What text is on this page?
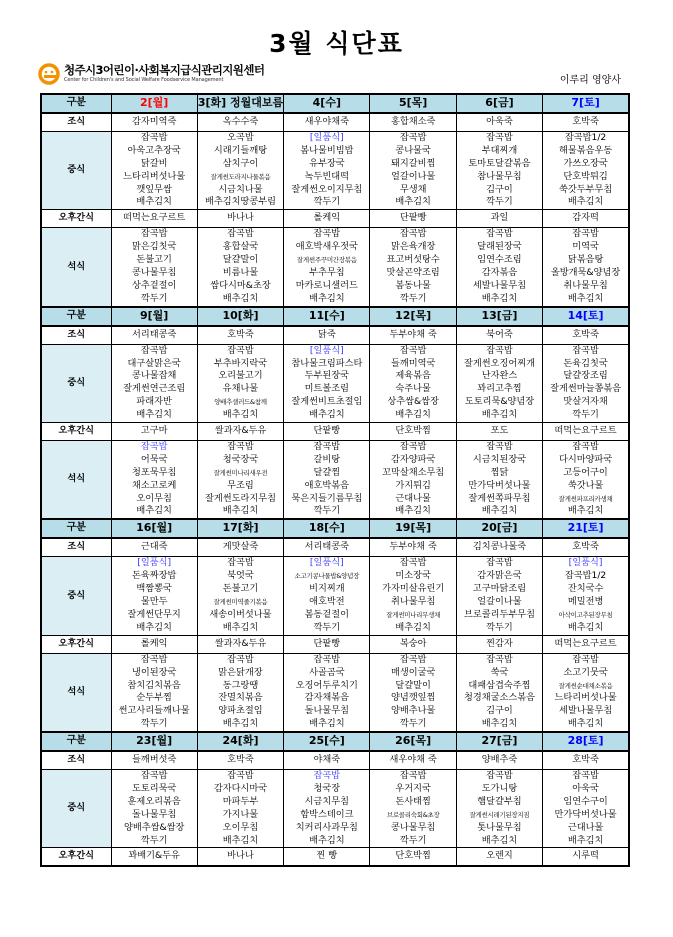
3월 식단표
청주시3어린이·사회복지급식관리지원센터
Center for Children's and Social Welfare Foodservice Management	이루리 영양사
구분	2[월]	3[화] 정월대보름	4[수]	5[목]	6[금]	7[토]
조식	감자미역죽	옥수수죽	새우야채죽	홍합채소죽	아욱죽	호박죽
중식	
잡곡밥
아욱고추장국
닭갈비
느타리버섯나물
깻잎무쌈
배추김치

오곡밥
시래기들깨탕
삼치구이
잘게썬도라지나물볶음
시금치나물
배추김치땅콩부림

[일품식]
봄나물비빔밥
유부장국
녹두빈대떡
잘게썬오이지무침
깍두기

잡곡밥
콩나물국
돼지갈비찜
얼갈이나물
무생채
배추김치

잡곡밥
부대찌개
토마토달걀볶음
참나물무침
김구이
깍두기

잡곡밥1/2
해물볶음우동
가쓰오장국
단호박튀김
쑥갓두부무침
배추김치

오후간식	떠먹는요구르트	바나나	롤케익	단팥빵	과일	감자떡
석식	
잡곡밥
맑은김칫국
돈불고기
콩나물무침
상추겉절이
깍두기

잡곡밥
홍합살국
달걀말이
비름나물
쌈다시마&초장
배추김치

잡곡밥
애호박새우젓국
잘게썬주꾸미간장볶음
부추무침
마카로니샐러드
배추김치

잡곡밥
맑은육개장
표고버섯탕수
맛살곤약조림
봄동나물
깍두기

잡곡밥
달래된장국
임연수조림
감자볶음
세발나물무침
배추김치

잡곡밥
미역국
닭볶음탕
올방개묵&양념장
취나물무침
배추김치

구분	9[월]	10[화]	11[수]	12[목]	13[금]	14[토]
조식	서리태콩죽	호박죽	닭죽	두부야채 죽	북어죽	호박죽
중식	
잡곡밥
대구살맑은국
콩나물잡채
잘게썬연근조림
파래자반
배추김치

잡곡밥
부추바지락국
오리불고기
유채나물
양배추샐러드&참깨
배추김치

[일품식]
참나물크림파스타
두부된장국
미트볼조림
잘게썬비트초절임
배추김치

잡곡밥
들깨미역국
제육볶음
숙주나물
상추쌈&쌈장
배추김치

잡곡밥
잘게썬오징어찌개
난자완스
꽈리고추찜
도토리묵&양념장
배추김치

잡곡밥
돈육김칫국
달걀장조림
잘게썬마늘쫑볶음
맛살겨자채
깍두기

오후간식	고구마	쌀과자&두유	단팥빵	단호박찜	포도	떠먹는요구르트
석식	
잡곡밥
어묵국
청포묵무침
채소고로케
오이무침
배추김치

잡곡밥
청국장국
잘게썬미나리새우전
무조림
잘게썬도라지무침
배추김치

잡곡밥
갈비탕
달걀찜
애호박볶음
묵은지들기름무침
깍두기

잡곡밥
감자양파국
꼬막살채소무침
가지튀김
근대나물
배추김치

잡곡밥
시금치된장국
찜닭
만가닥버섯나물
잘게썬쪽파무침
배추김치

잡곡밥
다시마양파국
고등어구이
쑥갓나물
잘게썬파프리카생채
배추김치

구분	16[월]	17[화]	18[수]	19[목]	20[금]	21[토]
조식	근대죽	게맛살죽	서리태콩죽	두부야채 죽	김치콩나물죽	호박죽
중식	
[일품식]
돈육짜장밥
백짬뽕국
물만두
잘게썬단무지
배추김치

잡곡밥
북엇국
돈불고기
잘게썬미역줄기볶음
새송이버섯나물
배추김치

[일품식]
소고기콩나물밥&양념장
비지찌개
애호박전
봄동겉절이
깍두기

잡곡밥
미소장국
가자미살유린기
취나물무침
잘게썬미나리무생채
배추김치

잡곡밥
감자맑은국
고구마닭조림
얼갈이나물
브로콜리두부무침
깍두기

[일품식]
잡곡밥1/2
잔치국수
메밀전병
아삭이고추된장무침
배추김치

오후간식	롤케익	쌀과자&두유	단팥빵	복숭아	찐감자	떠먹는요구르트
석식	
잡곡밥
냉이된장국
참치김치볶음
순두부찜
썬고사리들깨나물
깍두기

잡곡밥
맑은닭개장
동그랑땡
잔멸치볶음
양파초절임
배추김치

잡곡밥
사골곰국
오징어두루치기
감자채볶음
돌나물무침
배추김치

잡곡밥
매생이굴국
달걀말이
양념깻잎찜
양배추나물
깍두기

잡곡밥
쑥국
대패삼겹숙주찜
청경채굴소스볶음
김구이
배추김치

잡곡밥
소고기뭇국
잘게썬순대채소볶음
느타리버섯나물
세발나물무침
배추김치

구분	23[월]	24[화]	25[수]	26[목]	27[금]	28[토]
조식	들깨버섯죽	호박죽	야채죽	새우야채 죽	양배추죽	호박죽
중식	
잡곡밥
도토리묵국
훈제오리볶음
돌나물무침
양배추쌈&쌈장
깍두기

잡곡밥
감자다시마국
마파두부
가지나물
오이무침
배추김치

잡곡밥
청국장
시금치무침
함박스테이크
치커리사과무침
배추김치

잡곡밥
우거지국
돈사태찜
브로콜리숙회&초장
콩나물무침
깍두기

잡곡밥
도가니탕
햄달걀부침
잘게썬시래기된장지짐
톳나물무침
배추김치

잡곡밥
아욱국
임연수구이
만가닥버섯나물
근대나물
배추김치

오후간식	꽈배기&두유	바나나	찐 빵	단호박찜	오렌지	시루떡
